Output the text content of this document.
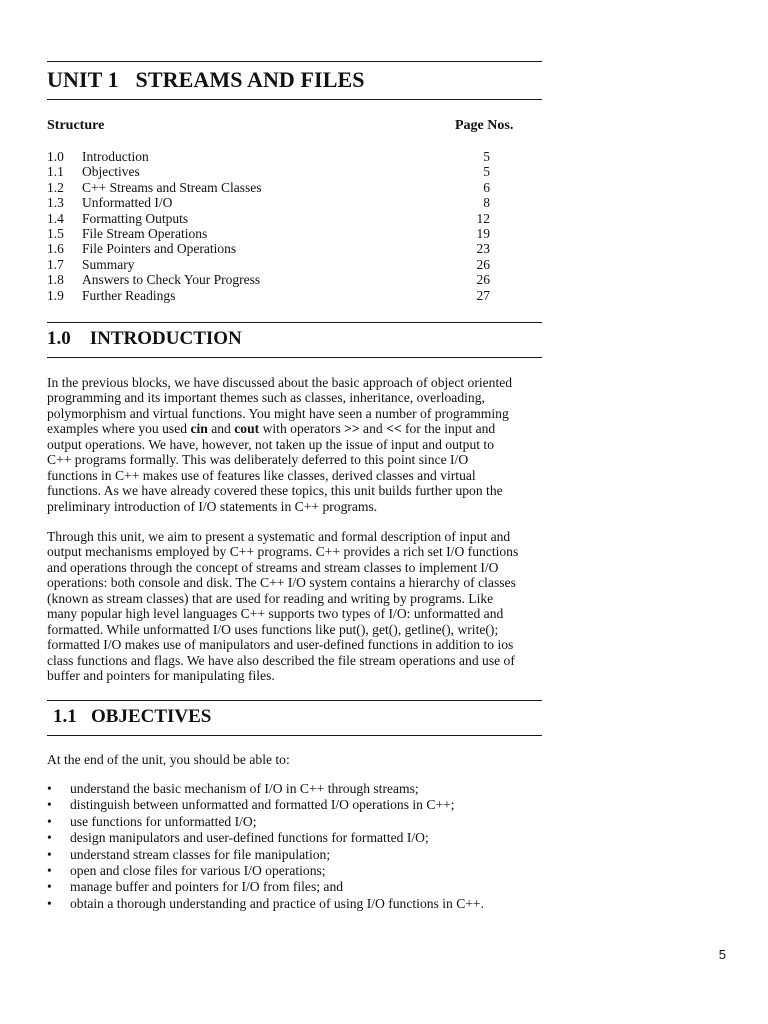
UNIT 1   STREAMS AND FILES
Structure	Page Nos.
1.0 Introduction	5
1.1 Objectives	5
1.2 C++ Streams and Stream Classes	6
1.3 Unformatted I/O	8
1.4 Formatting Outputs	12
1.5 File Stream Operations	19
1.6 File Pointers and Operations	23
1.7 Summary	26
1.8 Answers to Check Your Progress	26
1.9 Further Readings	27
1.0    INTRODUCTION

In the previous blocks, we have discussed about the basic approach of object oriented
programming and its important themes such as classes, inheritance, overloading,
polymorphism and virtual functions. You might have seen a number of programming
examples where you used cin and cout with operators >> and << for the input and
output operations. We have, however, not taken up the issue of input and output to
C++ programs formally. This was deliberately deferred to this point since I/O
functions in C++ makes use of features like classes, derived classes and virtual
functions. As we have already covered these topics, this unit builds further upon the
preliminary introduction of I/O statements in C++ programs.

Through this unit, we aim to present a systematic and formal description of input and
output mechanisms employed by C++ programs. C++ provides a rich set I/O functions
and operations through the concept of streams and stream classes to implement I/O
operations: both console and disk. The C++ I/O system contains a hierarchy of classes
(known as stream classes) that are used for reading and writing by programs. Like
many popular high level languages C++ supports two types of I/O: unformatted and
formatted. While unformatted I/O uses functions like put(), get(), getline(), write();
formatted I/O makes use of manipulators and user-defined functions in addition to ios
class functions and flags. We have also described the file stream operations and use of
buffer and pointers for manipulating files.

1.1   OBJECTIVES

At the end of the unit, you should be able to:

• understand the basic mechanism of I/O in C++ through streams;
• distinguish between unformatted and formatted I/O operations in C++;
• use functions for unformatted I/O;
• design manipulators and user-defined functions for formatted I/O;
• understand stream classes for file manipulation;
• open and close files for various I/O operations;
• manage buffer and pointers for I/O from files; and
• obtain a thorough understanding and practice of using I/O functions in C++.
5
